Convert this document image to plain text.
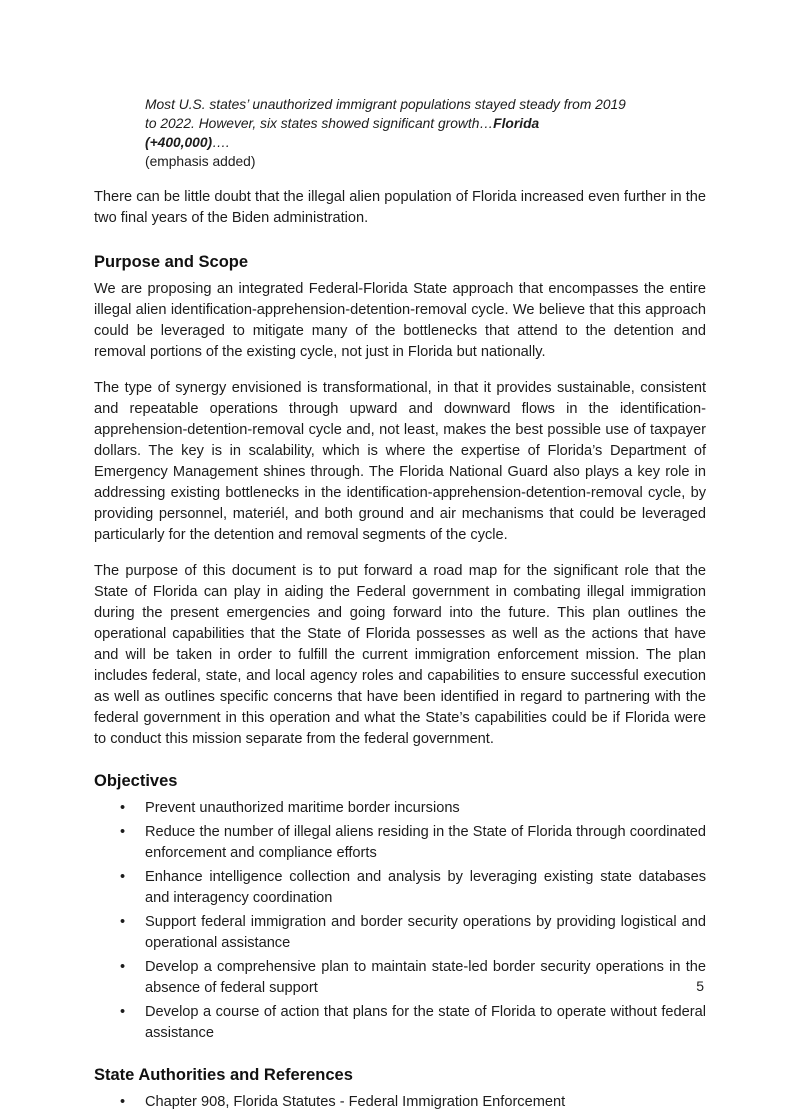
Most U.S. states’ unauthorized immigrant populations stayed steady from 2019 to 2022. However, six states showed significant growth…Florida (+400,000)….
(emphasis added)

There can be little doubt that the illegal alien population of Florida increased even further in the two final years of the Biden administration.

Purpose and Scope

We are proposing an integrated Federal-Florida State approach that encompasses the entire illegal alien identification-apprehension-detention-removal cycle. We believe that this approach could be leveraged to mitigate many of the bottlenecks that attend to the detention and removal portions of the existing cycle, not just in Florida but nationally.

The type of synergy envisioned is transformational, in that it provides sustainable, consistent and repeatable operations through upward and downward flows in the identification-apprehension-detention-removal cycle and, not least, makes the best possible use of taxpayer dollars. The key is in scalability, which is where the expertise of Florida’s Department of Emergency Management shines through. The Florida National Guard also plays a key role in addressing existing bottlenecks in the identification-apprehension-detention-removal cycle, by providing personnel, materiél, and both ground and air mechanisms that could be leveraged particularly for the detention and removal segments of the cycle.

The purpose of this document is to put forward a road map for the significant role that the State of Florida can play in aiding the Federal government in combating illegal immigration during the present emergencies and going forward into the future. This plan outlines the operational capabilities that the State of Florida possesses as well as the actions that have and will be taken in order to fulfill the current immigration enforcement mission. The plan includes federal, state, and local agency roles and capabilities to ensure successful execution as well as outlines specific concerns that have been identified in regard to partnering with the federal government in this operation and what the State’s capabilities could be if Florida were to conduct this mission separate from the federal government.

Objectives
• Prevent unauthorized maritime border incursions
• Reduce the number of illegal aliens residing in the State of Florida through coordinated enforcement and compliance efforts
• Enhance intelligence collection and analysis by leveraging existing state databases and interagency coordination
• Support federal immigration and border security operations by providing logistical and operational assistance
• Develop a comprehensive plan to maintain state-led border security operations in the absence of federal support
• Develop a course of action that plans for the state of Florida to operate without federal assistance
State Authorities and References
• Chapter 908, Florida Statutes - Federal Immigration Enforcement
5
